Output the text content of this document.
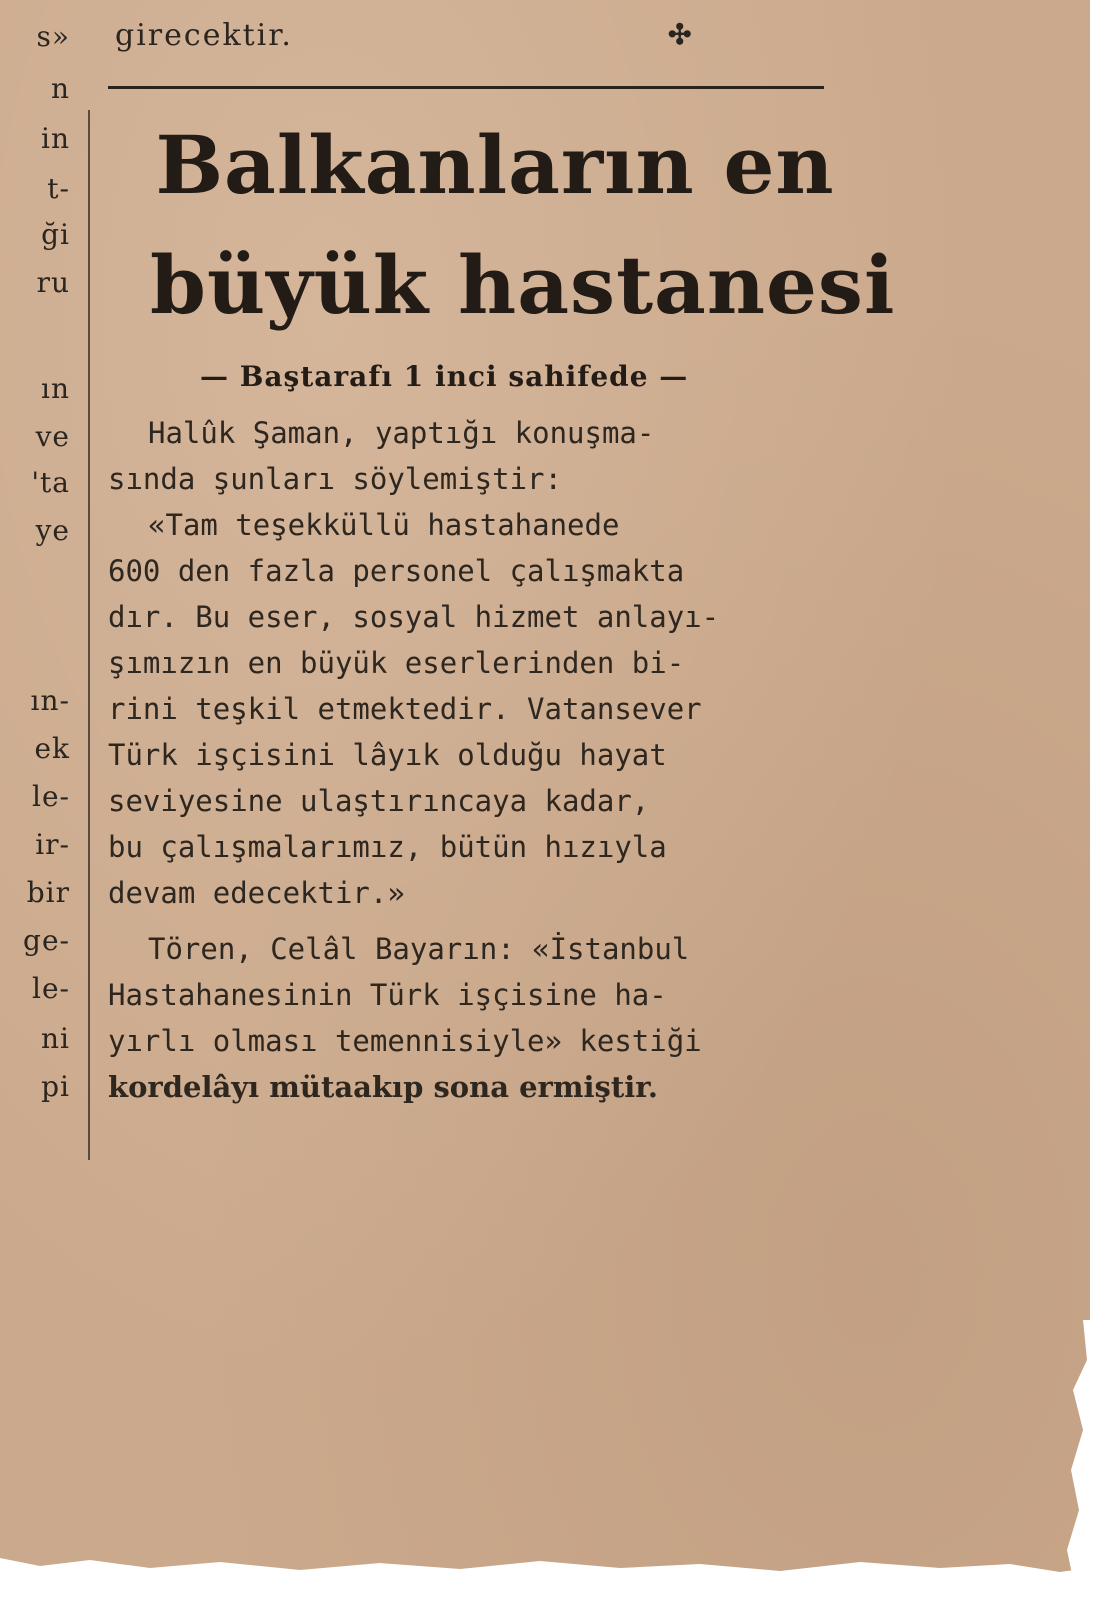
s»
n
in
t-
ği
ru
ın
ve
'ta
ye
ın-
ek
le-
ir-
bir
ge-
le-
ni
pi
girecektir.	✣
Balkanların en
büyük hastanesi
— Baştarafı 1 inci sahifede —

Halûk Şaman, yaptığı konuşma-
sında şunları söylemiştir:

«Tam teşekküllü hastahanede
600 den fazla personel çalışmakta
dır. Bu eser, sosyal hizmet anlayı-
şımızın en büyük eserlerinden bi-
rini teşkil etmektedir. Vatansever
Türk işçisini lâyık olduğu hayat
seviyesine ulaştırıncaya kadar,
bu çalışmalarımız, bütün hızıyla
devam edecektir.»

Tören, Celâl Bayarın: «İstanbul
Hastahanesinin Türk işçisine ha-
yırlı olması temennisiyle» kestiği
kordelâyı mütaakıp sona ermiştir.
